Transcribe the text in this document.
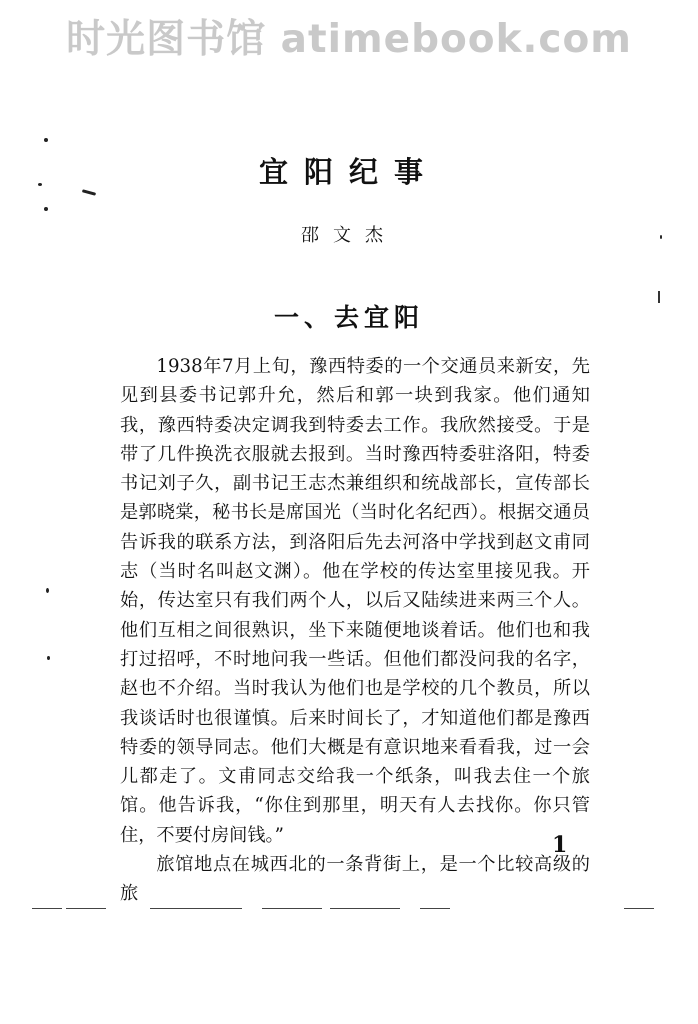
时光图书馆 atimebook.com
宜阳纪事
邵文杰
一、去宜阳

1938年7月上旬，豫西特委的一个交通员来新安，先见到县委书记郭升允，然后和郭一块到我家。他们通知我，豫西特委决定调我到特委去工作。我欣然接受。于是带了几件换洗衣服就去报到。当时豫西特委驻洛阳，特委书记刘子久，副书记王志杰兼组织和统战部长，宣传部长是郭晓棠，秘书长是席国光（当时化名纪西）。根据交通员告诉我的联系方法，到洛阳后先去河洛中学找到赵文甫同志（当时名叫赵文渊）。他在学校的传达室里接见我。开始，传达室只有我们两个人，以后又陆续进来两三个人。他们互相之间很熟识，坐下来随便地谈着话。他们也和我打过招呼，不时地问我一些话。但他们都没问我的名字，赵也不介绍。当时我认为他们也是学校的几个教员，所以我谈话时也很谨慎。后来时间长了，才知道他们都是豫西特委的领导同志。他们大概是有意识地来看看我，过一会儿都走了。文甫同志交给我一个纸条，叫我去住一个旅馆。他告诉我，“你住到那里，明天有人去找你。你只管住，不要付房间钱。”

旅馆地点在城西北的一条背街上，是一个比较高级的旅

1
